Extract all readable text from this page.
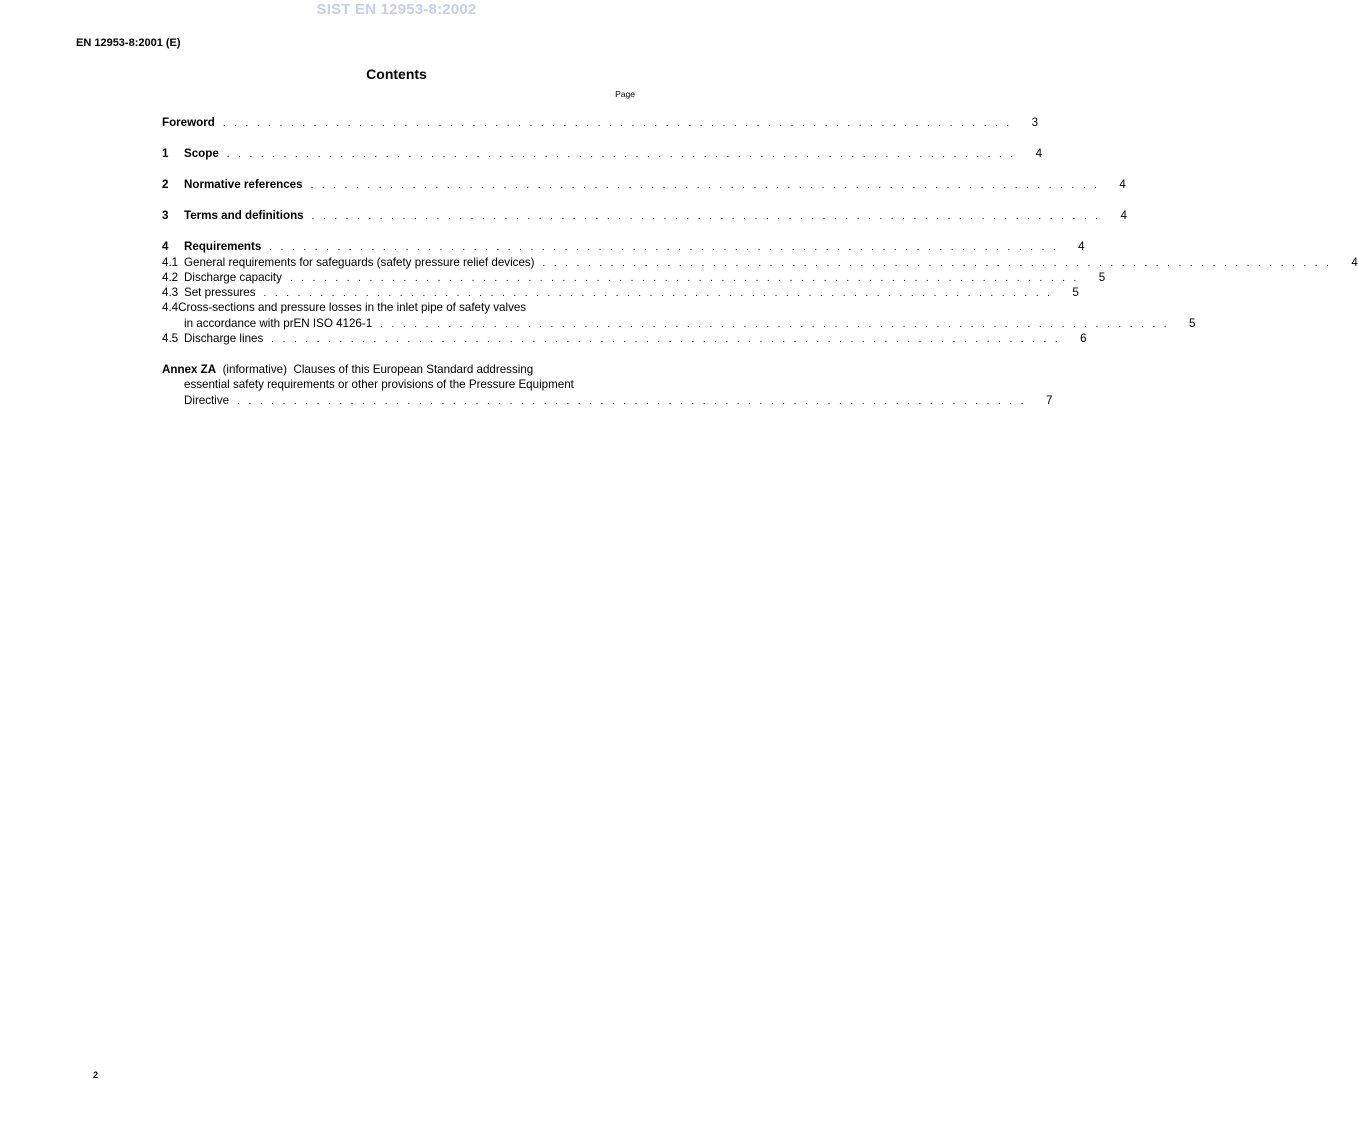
SIST EN 12953-8:2002
EN 12953-8:2001 (E)
Contents
Page
Foreword . . . . . . . . . . . . . . . . . . . . . . . . . . . . . . . . . . . . . . . . . . . . . . . . . . . . . . . . . . . . . . . . . . . . . .	3
1 Scope . . . . . . . . . . . . . . . . . . . . . . . . . . . . . . . . . . . . . . . . . . . . . . . . . . . . . . . . . . . . . . . . . . . . . .	4
2 Normative references . . . . . . . . . . . . . . . . . . . . . . . . . . . . . . . . . . . . . . . . . . . . . . . . . . . . . . . . . . . . . . . . . . . . . .	4
3 Terms and definitions . . . . . . . . . . . . . . . . . . . . . . . . . . . . . . . . . . . . . . . . . . . . . . . . . . . . . . . . . . . . . . . . . . . . . .	4
4 Requirements . . . . . . . . . . . . . . . . . . . . . . . . . . . . . . . . . . . . . . . . . . . . . . . . . . . . . . . . . . . . . . . . . . . . . .	4
4.1 General requirements for safeguards (safety pressure relief devices) . . . . . . . . . . . . . . . . . . . . . . . . . . . . . . . . . . . . . . . . . . . . . . . . . . . . . . . . . . . . . . . . . . . . . .	4
4.2 Discharge capacity . . . . . . . . . . . . . . . . . . . . . . . . . . . . . . . . . . . . . . . . . . . . . . . . . . . . . . . . . . . . . . . . . . . . . .	5
4.3 Set pressures . . . . . . . . . . . . . . . . . . . . . . . . . . . . . . . . . . . . . . . . . . . . . . . . . . . . . . . . . . . . . . . . . . . . . .	5
4.4Cross-sections and pressure losses in the inlet pipe of safety valves
in accordance with prEN ISO 4126-1 . . . . . . . . . . . . . . . . . . . . . . . . . . . . . . . . . . . . . . . . . . . . . . . . . . . . . . . . . . . . . . . . . . . . . .	5
4.5 Discharge lines . . . . . . . . . . . . . . . . . . . . . . . . . . . . . . . . . . . . . . . . . . . . . . . . . . . . . . . . . . . . . . . . . . . . . .	6
Annex ZA (informative) Clauses of this European Standard addressing
essential safety requirements or other provisions of the Pressure Equipment
Directive . . . . . . . . . . . . . . . . . . . . . . . . . . . . . . . . . . . . . . . . . . . . . . . . . . . . . . . . . . . . . . . . . . . . . .	7
2
